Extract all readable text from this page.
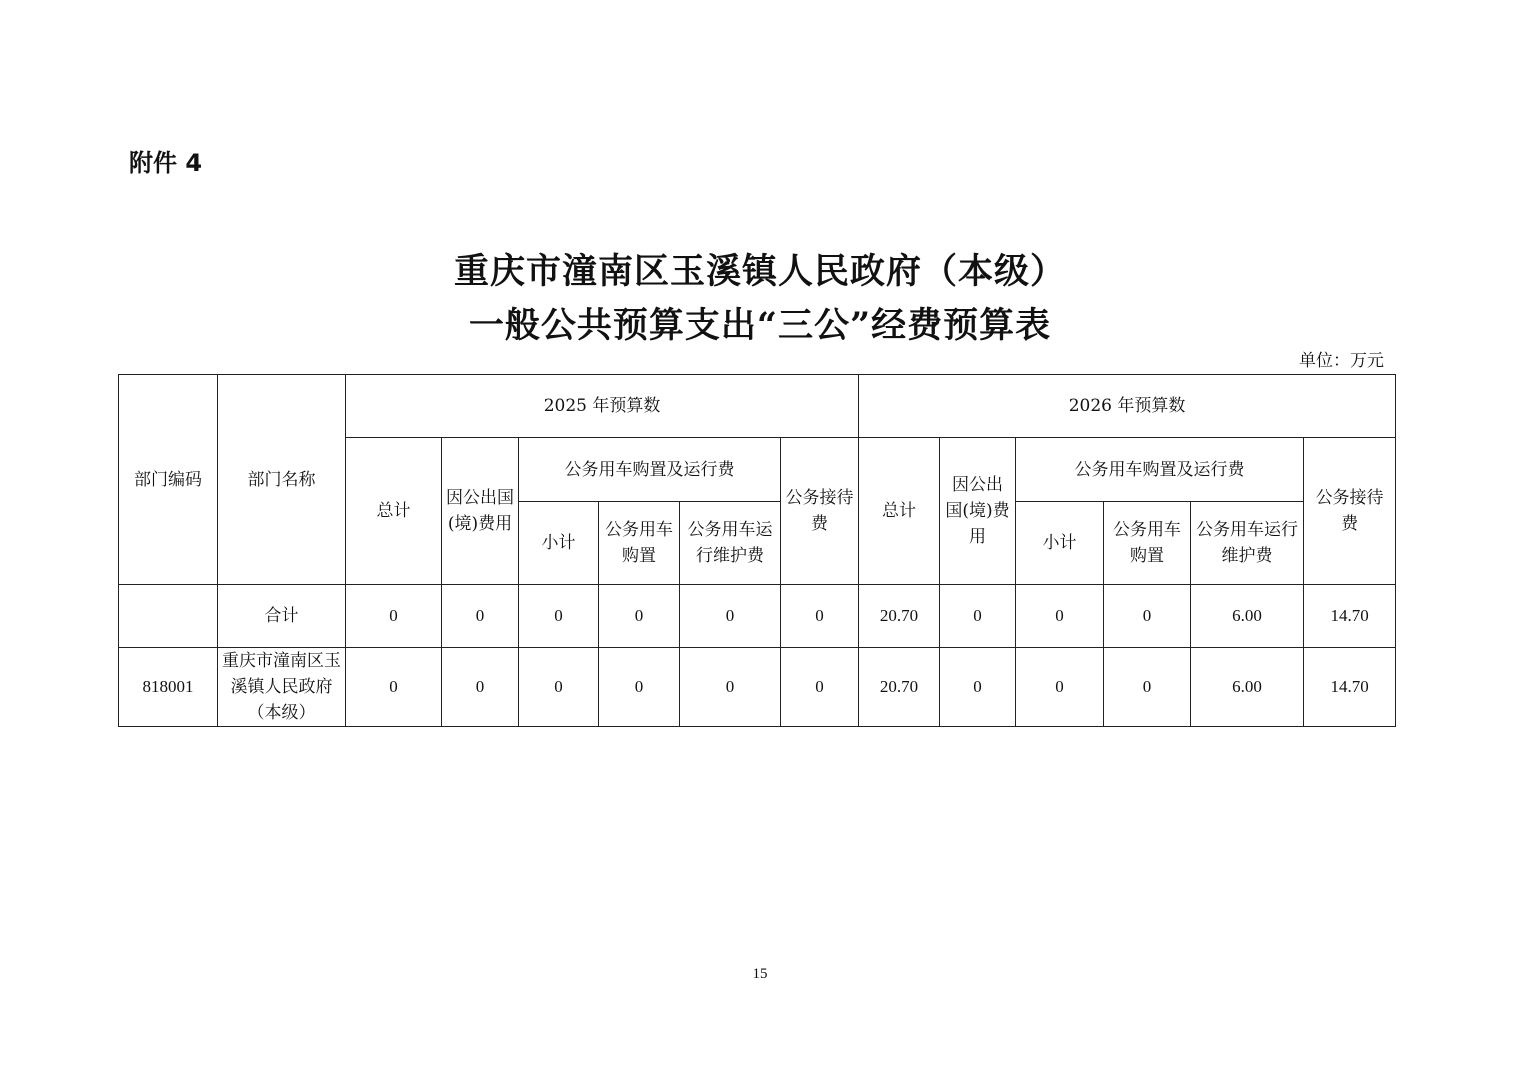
附件 4
重庆市潼南区玉溪镇人民政府（本级）
一般公共预算支出“三公”经费预算表
单位：万元
部门编码	部门名称	2025 年预算数						2026 年预算数					
		总计	因公出国(境)费用	公务用车购置及运行费			公务接待费	总计	因公出国(境)费用	公务用车购置及运行费			公务接待费
				小计	公务用车购置	公务用车运行维护费				小计	公务用车购置	公务用车运行维护费	
	合计	0	0	0	0	0	0	20.70	0	0	0	6.00	14.70
818001	重庆市潼南区玉溪镇人民政府（本级）	0	0	0	0	0	0	20.70	0	0	0	6.00	14.70
15
